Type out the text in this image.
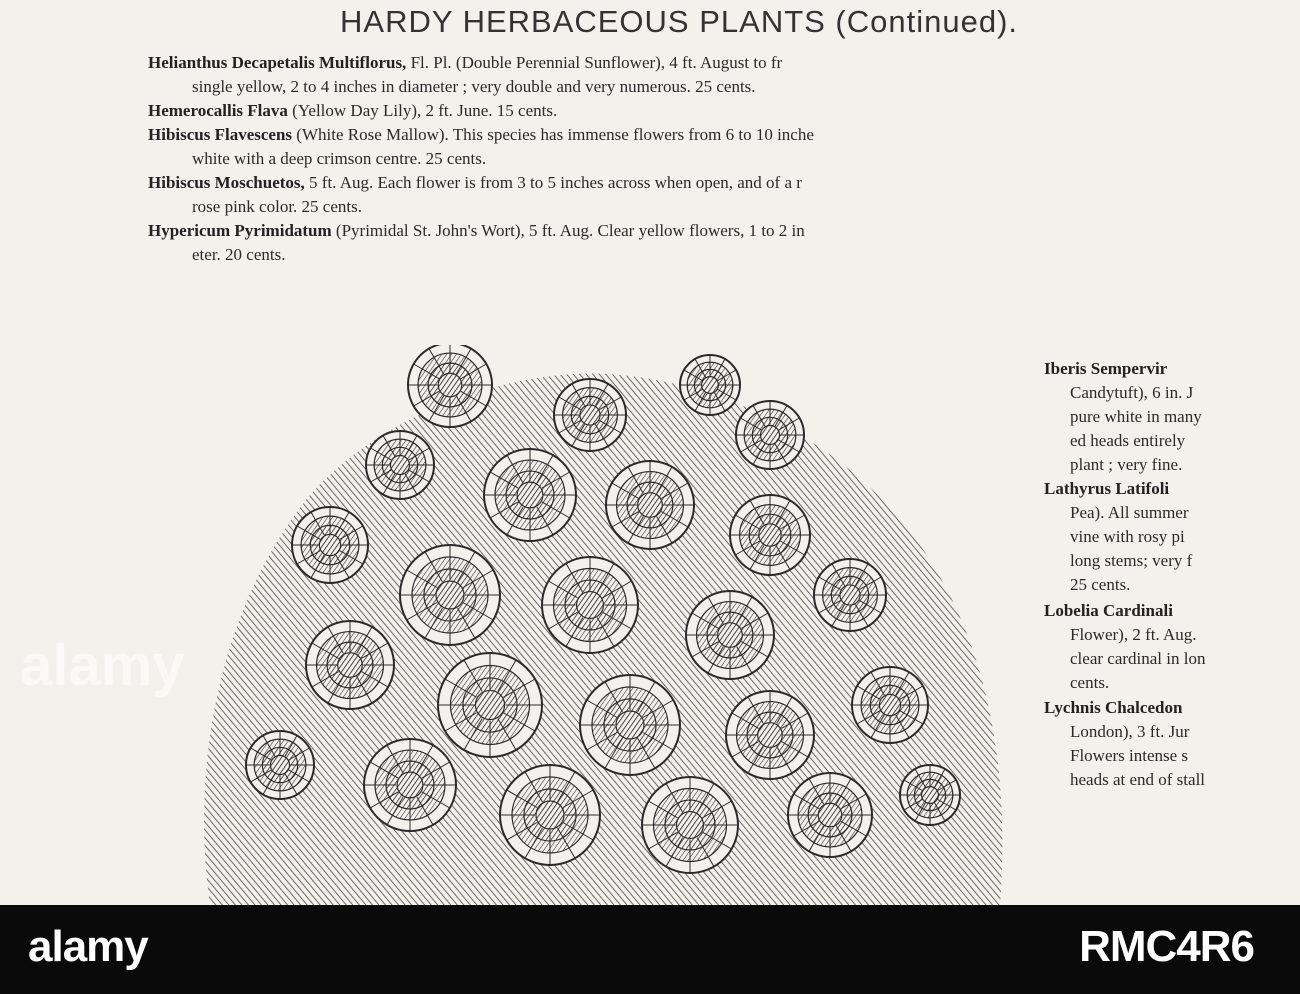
HARDY HERBACEOUS PLANTS (Continued).
Helianthus Decapetalis Multiflorus, Fl. Pl. (Double Perennial Sunflower), 4 ft. August to fr
single yellow, 2 to 4 inches in diameter ; very double and very numerous. 25 cents.
Hemerocallis Flava (Yellow Day Lily), 2 ft. June. 15 cents.
Hibiscus Flavescens (White Rose Mallow). This species has immense flowers from 6 to 10 inche
white with a deep crimson centre. 25 cents.
Hibiscus Moschuetos, 5 ft. Aug. Each flower is from 3 to 5 inches across when open, and of a r
rose pink color. 25 cents.
Hypericum Pyrimidatum (Pyrimidal St. John's Wort), 5 ft. Aug. Clear yellow flowers, 1 to 2 in
eter. 20 cents.
Iberis Sempervir
Candytuft), 6 in. J
pure white in many
ed heads entirely
plant ; very fine.
Lathyrus Latifoli
Pea). All summer
vine with rosy pi
long stems; very f
25 cents.
Lobelia Cardinali
Flower), 2 ft. Aug.
clear cardinal in lon
cents.
Lychnis Chalcedon
London), 3 ft. Jur
Flowers intense s
heads at end of stall
alamy
alamy	RMC4R6
